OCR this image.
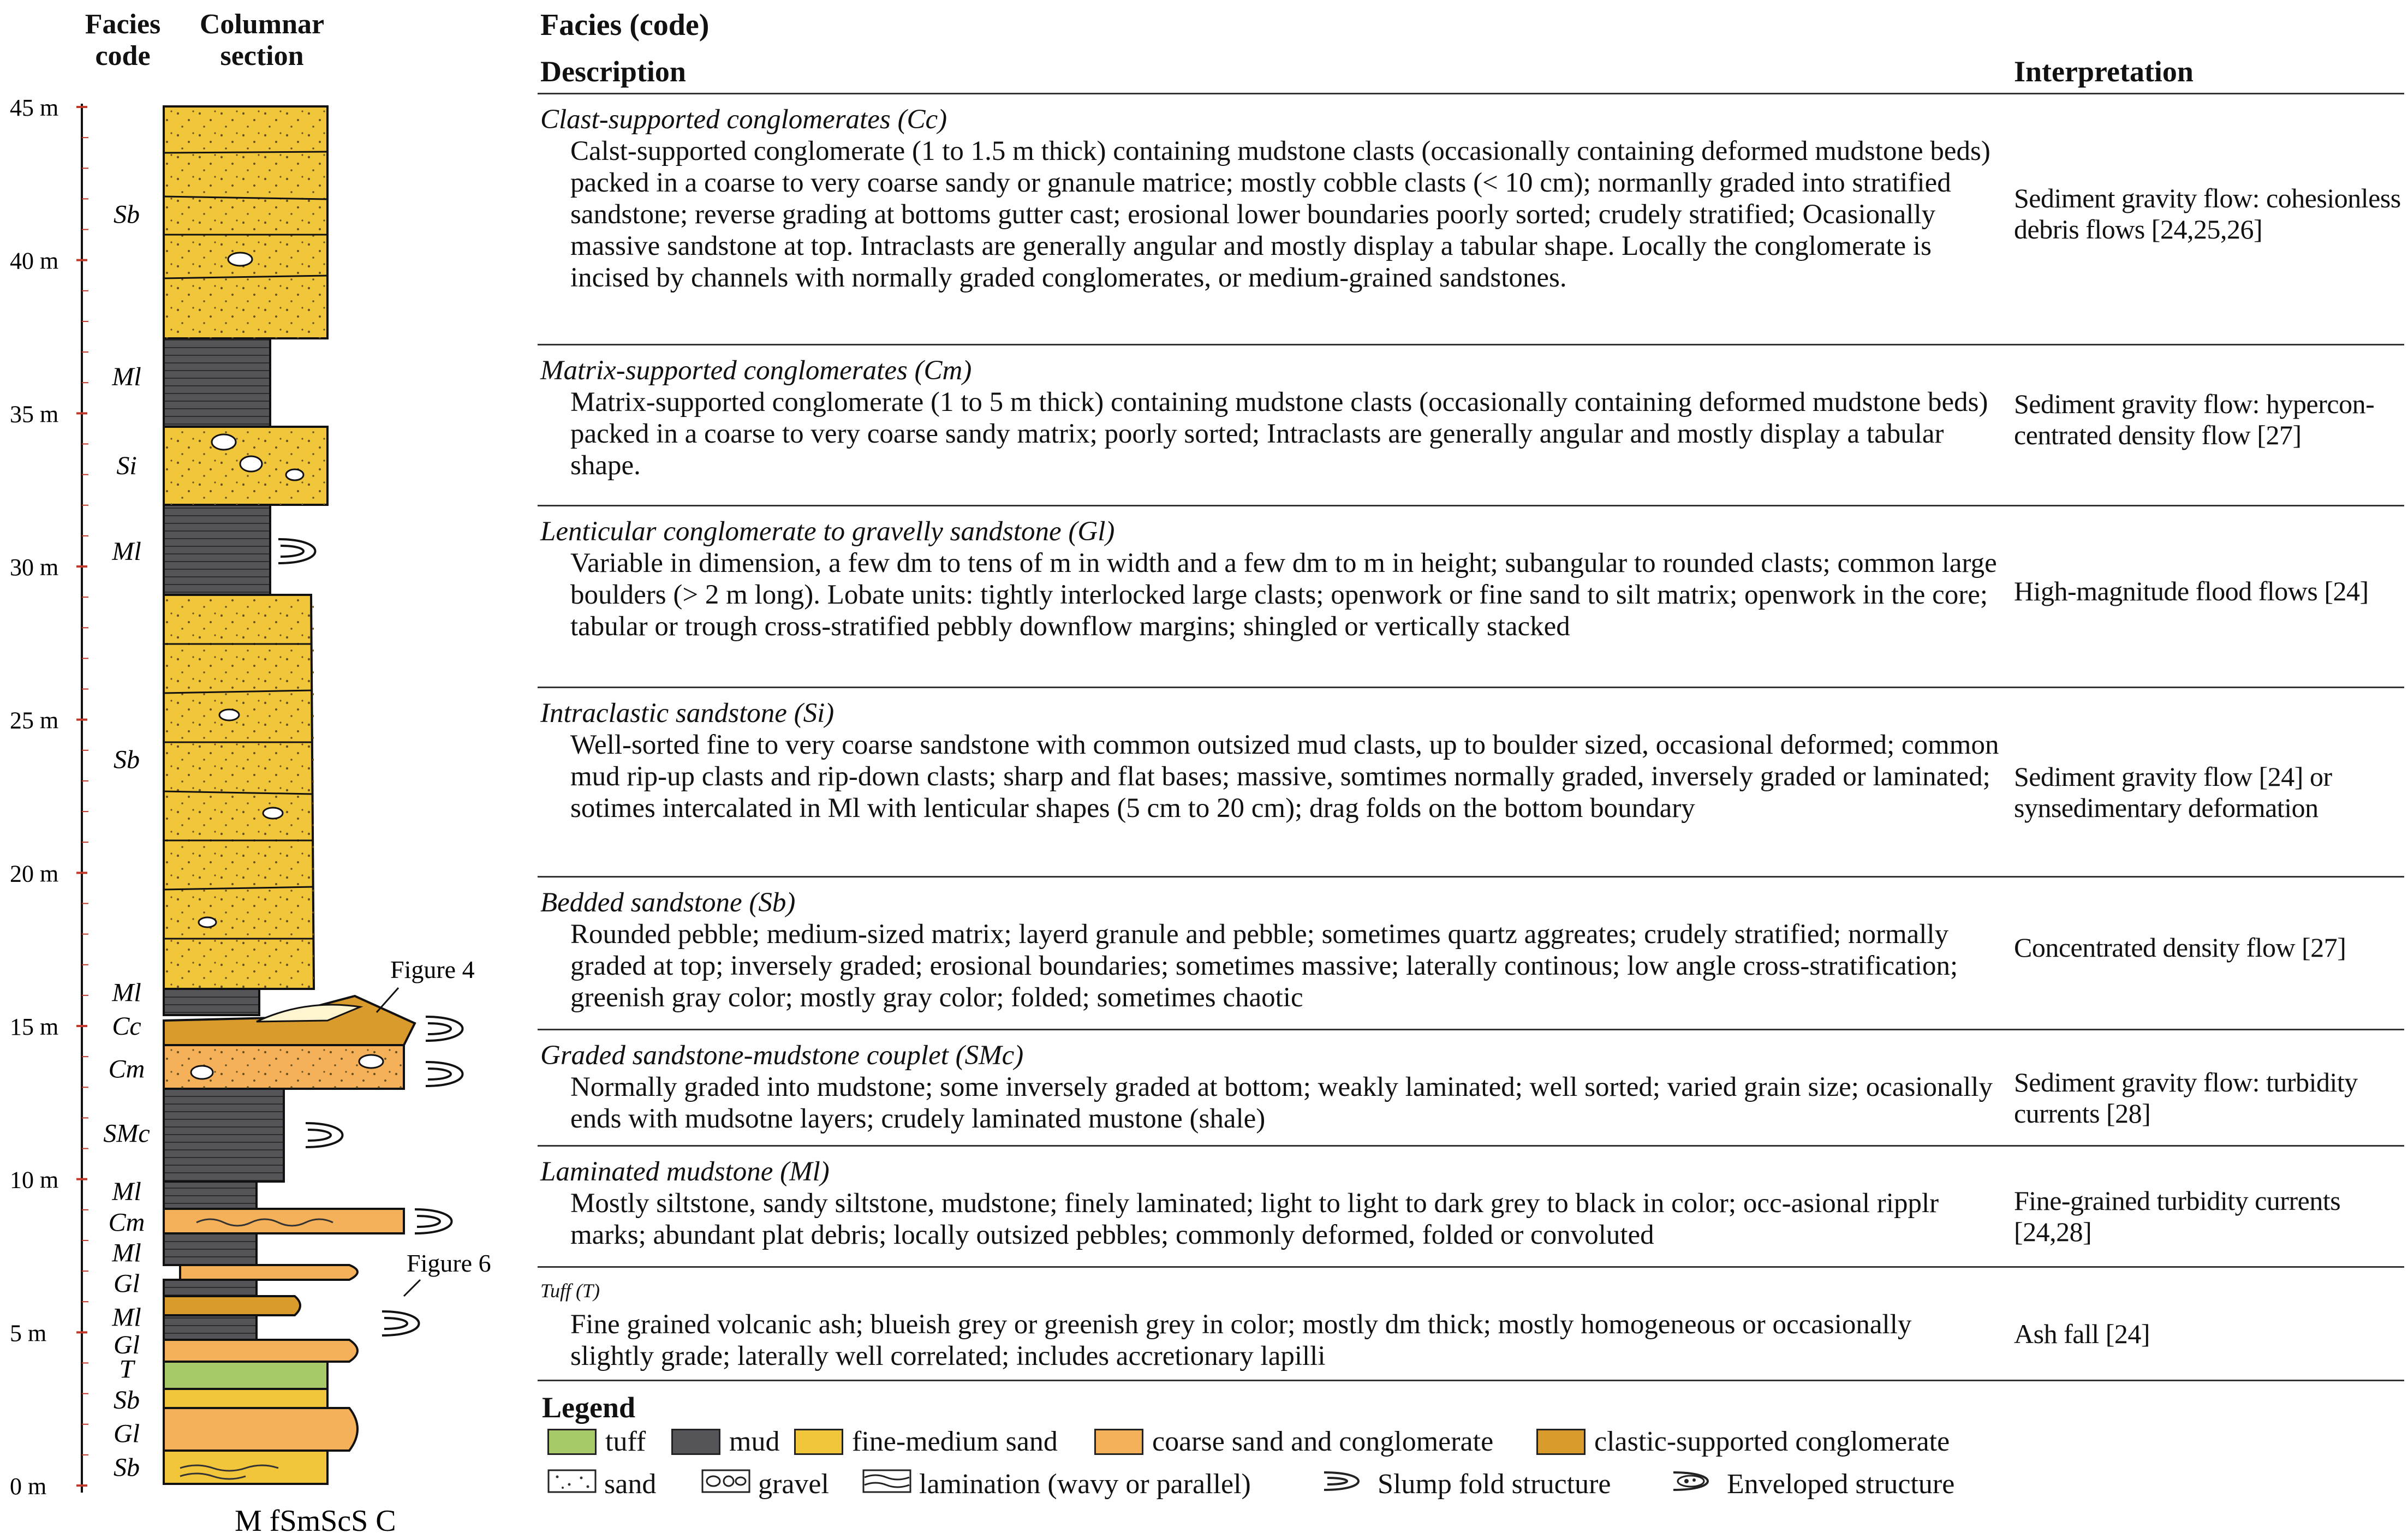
Facies
code
Columnar
section
0 m
5 m
10 m
15 m
20 m
25 m
30 m
35 m
40 m
45 m
Figure 4
Figure 6
M fSmScS C
Sb
Gl
Sb
T
Gl
Ml
Gl
Ml
Cm
Ml
SMc
Cm
Cc
Ml
Sb
Ml
Si
Ml
Sb
Facies (code)
Description	Interpretation
Clast-supported conglomerates (Cc)
Calst-supported conglomerate (1 to 1.5 m thick) containing mudstone clasts (occasionally containing deformed mudstone beds) packed in a coarse to very coarse sandy or gnanule matrice; mostly cobble clasts (< 10 cm); normanlly graded into stratified sandstone; reverse grading at bottoms gutter cast; erosional lower boundaries poorly sorted; crudely stratified; Ocasionally massive sandstone at top. Intraclasts are generally angular and mostly display a tabular shape. Locally the conglomerate is incised by channels with normally graded conglomerates, or medium-grained sandstones.
Sediment gravity flow: cohesionless debris flows [24,25,26]
Matrix-supported conglomerates (Cm)
Matrix-supported conglomerate (1 to 5 m thick) containing mudstone clasts (occasionally containing deformed mudstone beds) packed in a coarse to very coarse sandy matrix; poorly sorted; Intraclasts are generally angular and mostly display a tabular shape.
Sediment gravity flow: hypercon-centrated density flow [27]
Lenticular conglomerate to gravelly sandstone (Gl)
Variable in dimension, a few dm to tens of m in width and a few dm to m in height; subangular to rounded clasts; common large boulders (> 2 m long). Lobate units: tightly interlocked large clasts; openwork or fine sand to silt matrix; openwork in the core; tabular or trough cross-stratified pebbly downflow margins; shingled or vertically stacked
High-magnitude flood flows [24]
Intraclastic sandstone (Si)
Well-sorted fine to very coarse sandstone with common outsized mud clasts, up to boulder sized, occasional deformed; common mud rip-up clasts and rip-down clasts; sharp and flat bases; massive, somtimes normally graded, inversely graded or laminated; sotimes intercalated in Ml with lenticular shapes (5 cm to 20 cm); drag folds on the bottom boundary
Sediment gravity flow [24] or synsedimentary deformation
Bedded sandstone (Sb)
Rounded pebble; medium-sized matrix; layerd granule and pebble; sometimes quartz aggreates; crudely stratified; normally graded at top; inversely graded; erosional boundaries; sometimes massive; laterally continous; low angle cross-stratification; greenish gray color; mostly gray color; folded; sometimes chaotic
Concentrated density flow [27]
Graded sandstone-mudstone couplet (SMc)
Normally graded into mudstone; some inversely graded at bottom; weakly laminated; well sorted; varied grain size; ocasionally ends with mudsotne layers; crudely laminated mustone (shale)
Sediment gravity flow: turbidity currents [28]
Laminated mudstone (Ml)
Mostly siltstone, sandy siltstone, mudstone; finely laminated; light to light to dark grey to black in color; occ-asional ripplr marks; abundant plat debris; locally outsized pebbles; commonly deformed, folded or convoluted
Fine-grained turbidity currents [24,28]
Tuff (T)
Fine grained volcanic ash; blueish grey or greenish grey in color; mostly dm thick; mostly homogeneous or occasionally slightly grade; laterally well correlated; includes accretionary lapilli
Ash fall [24]
Legend
tuff	mud	fine-medium sand	coarse sand and conglomerate	clastic-supported conglomerate
sand	gravel	lamination (wavy or parallel)	Slump fold structure	Enveloped structure
